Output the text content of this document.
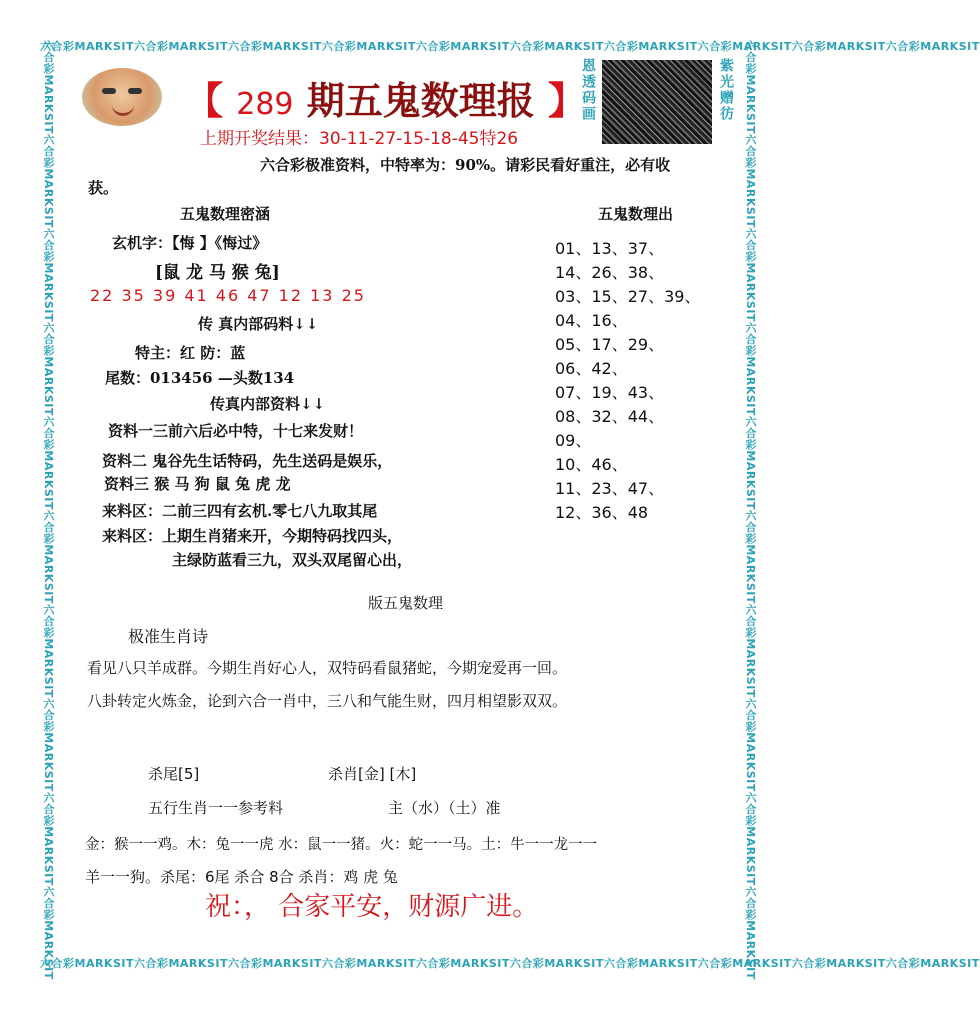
六合彩MARKSIT六合彩MARKSIT六合彩MARKSIT六合彩MARKSIT六合彩MARKSIT六合彩MARKSIT六合彩MARKSIT六合彩MARKSIT六合彩MARKSIT六合彩MARKSIT
六合彩MARKSIT六合彩MARKSIT六合彩MARKSIT六合彩MARKSIT六合彩MARKSIT六合彩MARKSIT六合彩MARKSIT六合彩MARKSIT六合彩MARKSIT六合彩MARKSIT
六合彩MARKSIT六合彩MARKSIT六合彩MARKSIT六合彩MARKSIT六合彩MARKSIT六合彩MARKSIT六合彩MARKSIT六合彩MARKSIT六合彩MARKSIT六合彩MARKSIT	六合彩MARKSIT六合彩MARKSIT六合彩MARKSIT六合彩MARKSIT六合彩MARKSIT六合彩MARKSIT六合彩MARKSIT六合彩MARKSIT六合彩MARKSIT六合彩MARKSIT
【 289 期五鬼数理报 】
上期开奖结果：30-11-27-15-18-45特26
恩透码画	紫光赠彷
六合彩极准资料，中特率为：90%。请彩民看好重注，必有收
获。
五鬼数理密涵
玄机字：【悔 】《悔过》
[鼠 龙 马 猴 兔]
22 35 39 41 46 47 12 13 25
传 真内部码料↓↓
特主：红 防：蓝
尾数：013456 —头数134
传真内部资料↓↓
资料一三前六后必中特，十七来发财！
资料二 鬼谷先生话特码，先生送码是娱乐，
资料三 猴 马 狗 鼠 兔 虎 龙
来料区：二前三四有玄机.零七八九取其尾
来料区：上期生肖猪来开，今期特码找四头，
主绿防蓝看三九，双头双尾留心出，
五鬼数理出
01、13、37、
14、26、38、
03、15、27、39、
04、16、
05、17、29、
06、42、
07、19、43、
08、32、44、
09、
10、46、
11、23、47、
12、36、48
版五鬼数理
极准生肖诗
看见八只羊成群。今期生肖好心人，双特码看鼠猪蛇，今期宠爱再一回。
八卦转定火炼金，论到六合一肖中，三八和气能生财，四月相望影双双。
杀尾[5]	杀肖[金] [木]
五行生肖一一参考料	主（水）（土）准
金：猴一一鸡。木：兔一一虎 水：鼠一一猪。火：蛇一一马。土：牛一一龙一一
羊一一狗。杀尾：6尾 杀合 8合 杀肖：鸡 虎 兔
祝：， 合家平安，财源广进。
